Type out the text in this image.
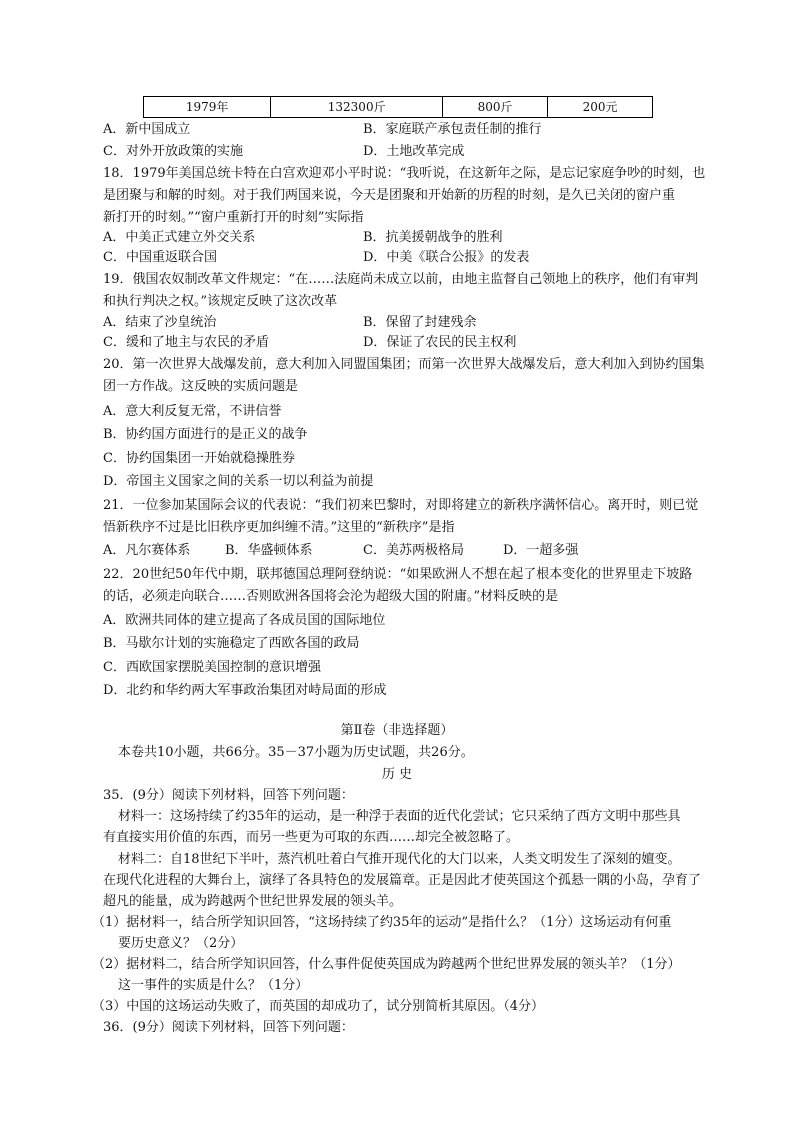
1979年	132300斤	800斤	200元
A．新中国成立	B．家庭联产承包责任制的推行
C．对外开放政策的实施	D．土地改革完成
18．1979年美国总统卡特在白宫欢迎邓小平时说：“我听说，在这新年之际，是忘记家庭争吵的时刻，也
是团聚与和解的时刻。对于我们两国来说，今天是团聚和开始新的历程的时刻，是久已关闭的窗户重
新打开的时刻。”“窗户重新打开的时刻”实际指
A．中美正式建立外交关系	B．抗美援朝战争的胜利
C．中国重返联合国	D．中美《联合公报》的发表
19．俄国农奴制改革文件规定：“在……法庭尚未成立以前，由地主监督自己领地上的秩序，他们有审判
和执行判决之权。”该规定反映了这次改革
A．结束了沙皇统治	B．保留了封建残余
C．缓和了地主与农民的矛盾	D．保证了农民的民主权利
20．第一次世界大战爆发前，意大利加入同盟国集团；而第一次世界大战爆发后，意大利加入到协约国集
团一方作战。这反映的实质问题是
A．意大利反复无常，不讲信誉
B．协约国方面进行的是正义的战争
C．协约国集团一开始就稳操胜券
D．帝国主义国家之间的关系一切以利益为前提
21．一位参加某国际会议的代表说：“我们初来巴黎时，对即将建立的新秩序满怀信心。离开时，则已觉
悟新秩序不过是比旧秩序更加纠缠不清。”这里的“新秩序”是指
A．凡尔赛体系	B．华盛顿体系	C．美苏两极格局	D．一超多强
22．20世纪50年代中期，联邦德国总理阿登纳说：“如果欧洲人不想在起了根本变化的世界里走下坡路
的话，必须走向联合……否则欧洲各国将会沦为超级大国的附庸。”材料反映的是
A．欧洲共同体的建立提高了各成员国的国际地位
B．马歇尔计划的实施稳定了西欧各国的政局
C．西欧国家摆脱美国控制的意识增强
D．北约和华约两大军事政治集团对峙局面的形成
第Ⅱ卷（非选择题）
本卷共10小题，共66分。35－37小题为历史试题，共26分。
历 史
35．(9分）阅读下列材料，回答下列问题：
材料一：这场持续了约35年的运动，是一种浮于表面的近代化尝试；它只采纳了西方文明中那些具
有直接实用价值的东西，而另一些更为可取的东西……却完全被忽略了。
材料二：自18世纪下半叶，蒸汽机吐着白气推开现代化的大门以来，人类文明发生了深刻的嬗变。
在现代化进程的大舞台上，演绎了各具特色的发展篇章。正是因此才使英国这个孤悬一隅的小岛，孕育了
超凡的能量，成为跨越两个世纪世界发展的领头羊。
（1）据材料一，结合所学知识回答，“这场持续了约35年的运动”是指什么？（1分）这场运动有何重
要历史意义？（2分）
（2）据材料二，结合所学知识回答，什么事件促使英国成为跨越两个世纪世界发展的领头羊？（1分）
这一事件的实质是什么？（1分）
（3）中国的这场运动失败了，而英国的却成功了，试分别简析其原因。（4分）
36．(9分）阅读下列材料，回答下列问题：
